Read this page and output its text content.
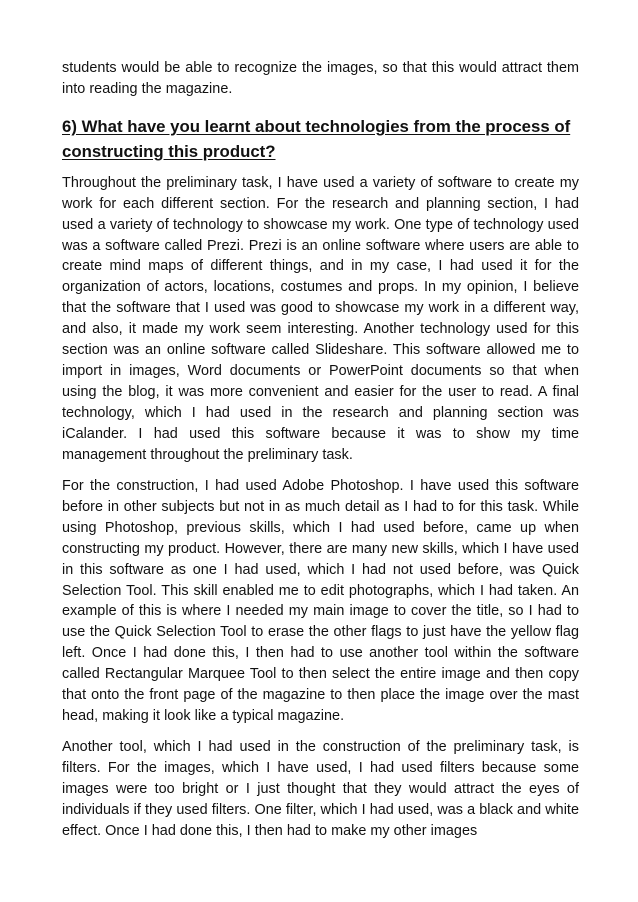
students would be able to recognize the images, so that this would attract them into reading the magazine.

6) What have you learnt about technologies from the process of constructing this product?

Throughout the preliminary task, I have used a variety of software to create my work for each different section. For the research and planning section, I had used a variety of technology to showcase my work. One type of technology used was a software called Prezi. Prezi is an online software where users are able to create mind maps of different things, and in my case, I had used it for the organization of actors, locations, costumes and props. In my opinion, I believe that the software that I used was good to showcase my work in a different way, and also, it made my work seem interesting. Another technology used for this section was an online software called Slideshare. This software allowed me to import in images, Word documents or PowerPoint documents so that when using the blog, it was more convenient and easier for the user to read. A final technology, which I had used in the research and planning section was iCalander. I had used this software because it was to show my time management throughout the preliminary task.

For the construction, I had used Adobe Photoshop. I have used this software before in other subjects but not in as much detail as I had to for this task. While using Photoshop, previous skills, which I had used before, came up when constructing my product. However, there are many new skills, which I have used in this software as one I had used, which I had not used before, was Quick Selection Tool. This skill enabled me to edit photographs, which I had taken. An example of this is where I needed my main image to cover the title, so I had to use the Quick Selection Tool to erase the other flags to just have the yellow flag left. Once I had done this, I then had to use another tool within the software called Rectangular Marquee Tool to then select the entire image and then copy that onto the front page of the magazine to then place the image over the mast head, making it look like a typical magazine.

Another tool, which I had used in the construction of the preliminary task, is filters. For the images, which I have used, I had used filters because some images were too bright or I just thought that they would attract the eyes of individuals if they used filters. One filter, which I had used, was a black and white effect. Once I had done this, I then had to make my other images
